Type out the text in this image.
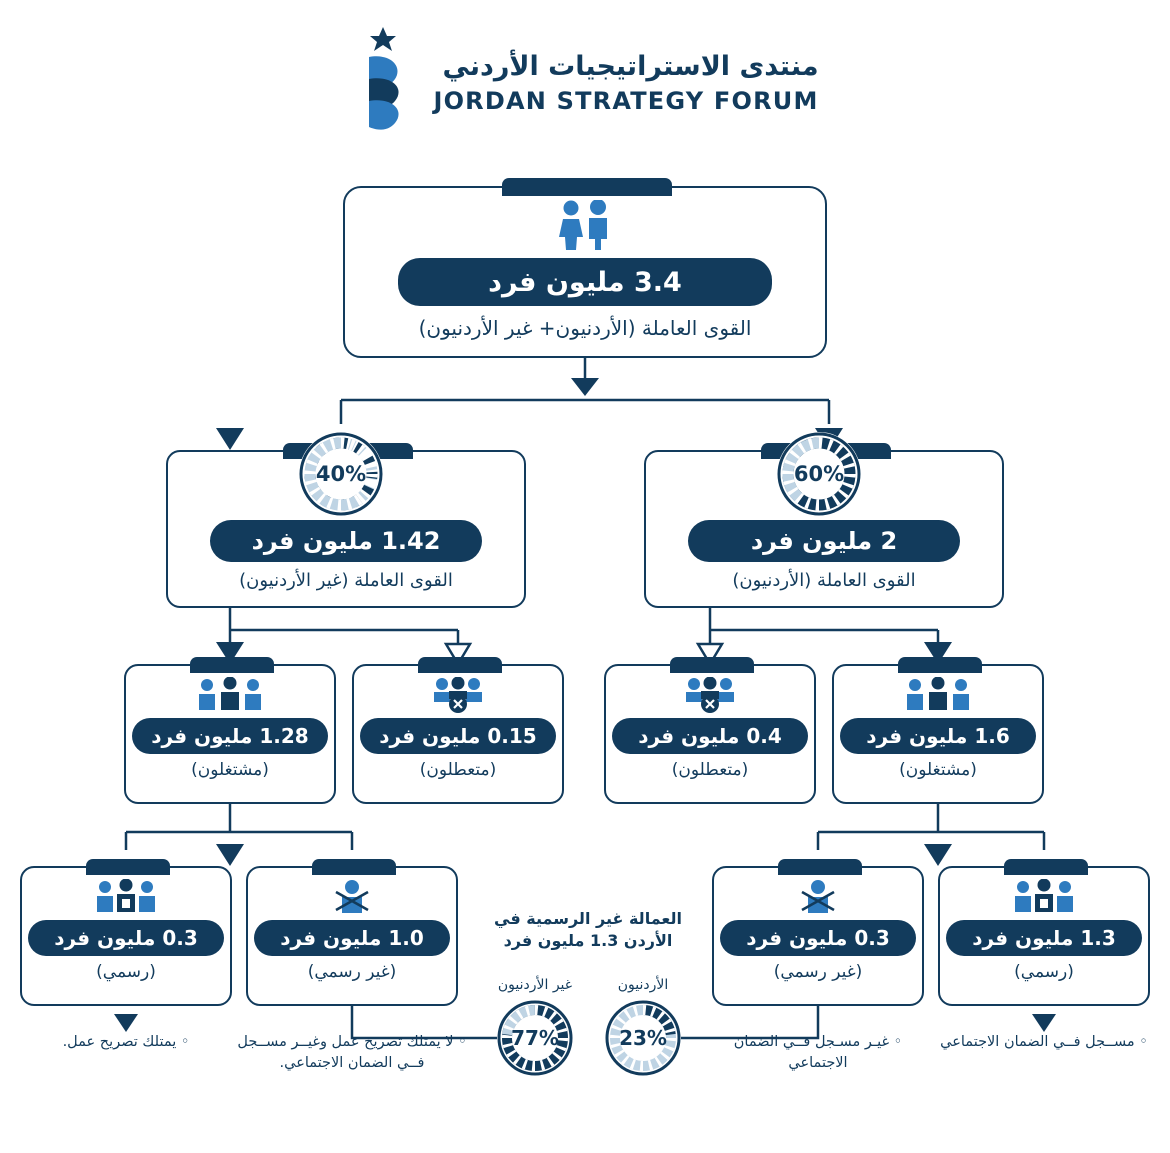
منتدى الاستراتيجيات الأردني
JORDAN STRATEGY FORUM
3.4 مليون فرد
القوى العاملة (الأردنيون+ غير الأردنيون)
1.42 مليون فرد
القوى العاملة (غير الأردنيون)
2 مليون فرد
القوى العاملة (الأردنيون)
1.28 مليون فرد
(مشتغلون)
0.15 مليون فرد
(متعطلون)
0.4 مليون فرد
(متعطلون)
1.6 مليون فرد
(مشتغلون)
0.3 مليون فرد
(رسمي)
1.0 مليون فرد
(غير رسمي)
0.3 مليون فرد
(غير رسمي)
1.3 مليون فرد
(رسمي)
40%	60%
غير الأردنيون
77%
الأردنيون
23%
العمالة غير الرسمية في الأردن 1.3 مليون فرد
◦ يمتلك تصريح عمل.	◦ لا يمتلك تصريح عمل وغيــر مســجل فــي الضمان الاجتماعي.
◦ غيـر مسـجل فــي الضمان الاجتماعي
◦ مســجل فــي الضمان الاجتماعي
